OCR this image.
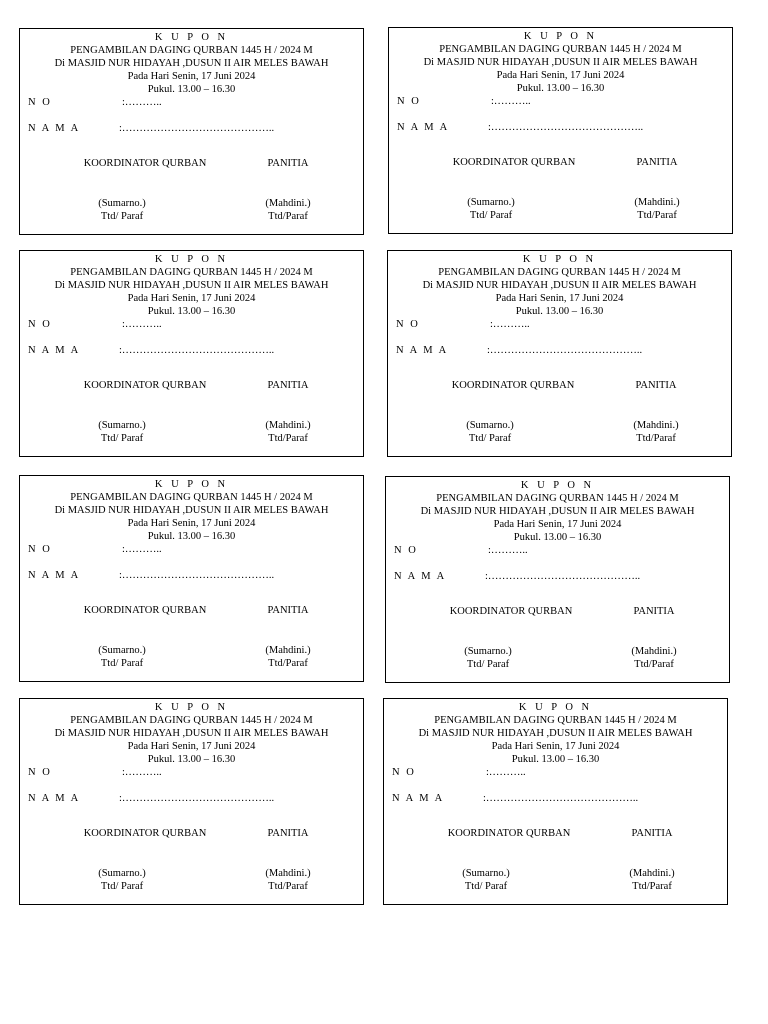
K U P O N
PENGAMBILAN DAGING QURBAN 1445 H / 2024 M
Di MASJID NUR HIDAYAH ,DUSUN II AIR MELES BAWAH
Pada Hari Senin, 17 Juni 2024
Pukul. 13.00 – 16.30
N O	:………..
N A M A	:……………………………………..
KOORDINATOR QURBAN	PANITIA
(Sumarno.)
Ttd/ Paraf
(Mahdini.)
Ttd/Paraf
K U P O N
PENGAMBILAN DAGING QURBAN 1445 H / 2024 M
Di MASJID NUR HIDAYAH ,DUSUN II AIR MELES BAWAH
Pada Hari Senin, 17 Juni 2024
Pukul. 13.00 – 16.30
N O	:………..
N A M A	:……………………………………..
KOORDINATOR QURBAN	PANITIA
(Sumarno.)
Ttd/ Paraf
(Mahdini.)
Ttd/Paraf
K U P O N
PENGAMBILAN DAGING QURBAN 1445 H / 2024 M
Di MASJID NUR HIDAYAH ,DUSUN II AIR MELES BAWAH
Pada Hari Senin, 17 Juni 2024
Pukul. 13.00 – 16.30
N O	:………..
N A M A	:……………………………………..
KOORDINATOR QURBAN	PANITIA
(Sumarno.)
Ttd/ Paraf
(Mahdini.)
Ttd/Paraf
K U P O N
PENGAMBILAN DAGING QURBAN 1445 H / 2024 M
Di MASJID NUR HIDAYAH ,DUSUN II AIR MELES BAWAH
Pada Hari Senin, 17 Juni 2024
Pukul. 13.00 – 16.30
N O	:………..
N A M A	:……………………………………..
KOORDINATOR QURBAN	PANITIA
(Sumarno.)
Ttd/ Paraf
(Mahdini.)
Ttd/Paraf
K U P O N
PENGAMBILAN DAGING QURBAN 1445 H / 2024 M
Di MASJID NUR HIDAYAH ,DUSUN II AIR MELES BAWAH
Pada Hari Senin, 17 Juni 2024
Pukul. 13.00 – 16.30
N O	:………..
N A M A	:……………………………………..
KOORDINATOR QURBAN	PANITIA
(Sumarno.)
Ttd/ Paraf
(Mahdini.)
Ttd/Paraf
K U P O N
PENGAMBILAN DAGING QURBAN 1445 H / 2024 M
Di MASJID NUR HIDAYAH ,DUSUN II AIR MELES BAWAH
Pada Hari Senin, 17 Juni 2024
Pukul. 13.00 – 16.30
N O	:………..
N A M A	:……………………………………..
KOORDINATOR QURBAN	PANITIA
(Sumarno.)
Ttd/ Paraf
(Mahdini.)
Ttd/Paraf
K U P O N
PENGAMBILAN DAGING QURBAN 1445 H / 2024 M
Di MASJID NUR HIDAYAH ,DUSUN II AIR MELES BAWAH
Pada Hari Senin, 17 Juni 2024
Pukul. 13.00 – 16.30
N O	:………..
N A M A	:……………………………………..
KOORDINATOR QURBAN	PANITIA
(Sumarno.)
Ttd/ Paraf
(Mahdini.)
Ttd/Paraf
K U P O N
PENGAMBILAN DAGING QURBAN 1445 H / 2024 M
Di MASJID NUR HIDAYAH ,DUSUN II AIR MELES BAWAH
Pada Hari Senin, 17 Juni 2024
Pukul. 13.00 – 16.30
N O	:………..
N A M A	:……………………………………..
KOORDINATOR QURBAN	PANITIA
(Sumarno.)
Ttd/ Paraf
(Mahdini.)
Ttd/Paraf
